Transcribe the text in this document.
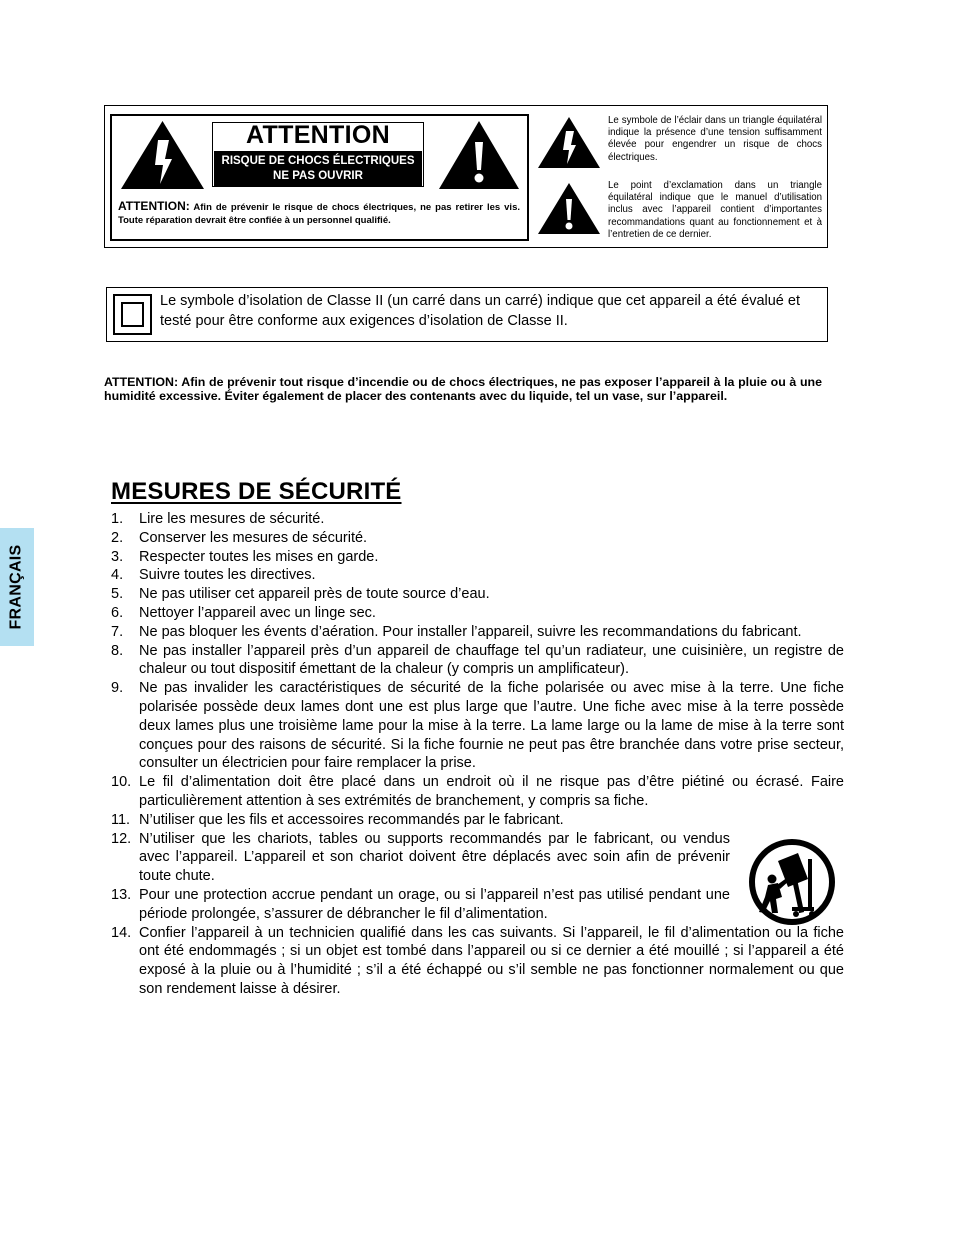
ATTENTION
RISQUE DE CHOCS ÉLECTRIQUES
NE PAS OUVRIR
ATTENTION: Afin de prévenir le risque de chocs électriques, ne pas retirer les vis. Toute réparation devrait être confiée à un personnel qualifié.
Le symbole de l’éclair dans un triangle équilatéral indique la présence d’une tension suffisamment élevée pour engendrer un risque de chocs électriques.
Le point d’exclamation dans un triangle équilatéral indique que le manuel d’utilisation inclus avec l’appareil contient d’importantes recommandations quant au fonctionnement et à l’entretien de ce dernier.
Le symbole d’isolation de Classe II (un carré dans un carré) indique que cet appareil a été évalué et testé pour être conforme aux exigences d’isolation de Classe II.
ATTENTION: Afin de prévenir tout risque d’incendie ou de chocs électriques, ne pas exposer l’appareil à la pluie ou à une humidité excessive. Éviter également de placer des contenants avec du liquide, tel un vase, sur l’appareil.
FRANÇAIS
MESURES DE SÉCURITÉ
1. Lire les mesures de sécurité.
2. Conserver les mesures de sécurité.
3. Respecter toutes les mises en garde.
4. Suivre toutes les directives.
5. Ne pas utiliser cet appareil près de toute source d’eau.
6. Nettoyer l’appareil avec un linge sec.
7. Ne pas bloquer les évents d’aération. Pour installer l’appareil, suivre les recommandations du fabricant.
8. Ne pas installer l’appareil près d’un appareil de chauffage tel qu’un radiateur, une cuisinière, un registre de chaleur ou tout dispositif émettant de la chaleur (y compris un amplificateur).
9. Ne pas invalider les caractéristiques de sécurité de la fiche polarisée ou avec mise à la terre. Une fiche polarisée possède deux lames dont une est plus large que l’autre. Une fiche avec mise à la terre possède deux lames plus une troisième lame pour la mise à la terre. La lame large ou la lame de mise à la terre sont conçues pour des raisons de sécurité. Si la fiche fournie ne peut pas être branchée dans votre prise secteur, consulter un électricien pour faire remplacer la prise.
10. Le fil d’alimentation doit être placé dans un endroit où il ne risque pas d’être piétiné ou écrasé. Faire particulièrement attention à ses extrémités de branchement, y compris sa fiche.
11. N’utiliser que les fils et accessoires recommandés par le fabricant.
12. N’utiliser que les chariots, tables ou supports recommandés par le fabricant, ou vendus avec l’appareil. L’appareil et son chariot doivent être déplacés avec soin afin de prévenir toute chute.
13. Pour une protection accrue pendant un orage, ou si l’appareil n’est pas utilisé pendant une période prolongée, s’assurer de débrancher le fil d’alimentation.
14. Confier l’appareil à un technicien qualifié dans les cas suivants. Si l’appareil, le fil d’alimentation ou la fiche ont été endommagés ; si un objet est tombé dans l’appareil ou si ce dernier a été mouillé ; si l’appareil a été exposé à la pluie ou à l’humidité ; s’il a été échappé ou s’il semble ne pas fonctionner normalement ou que son rendement laisse à désirer.
